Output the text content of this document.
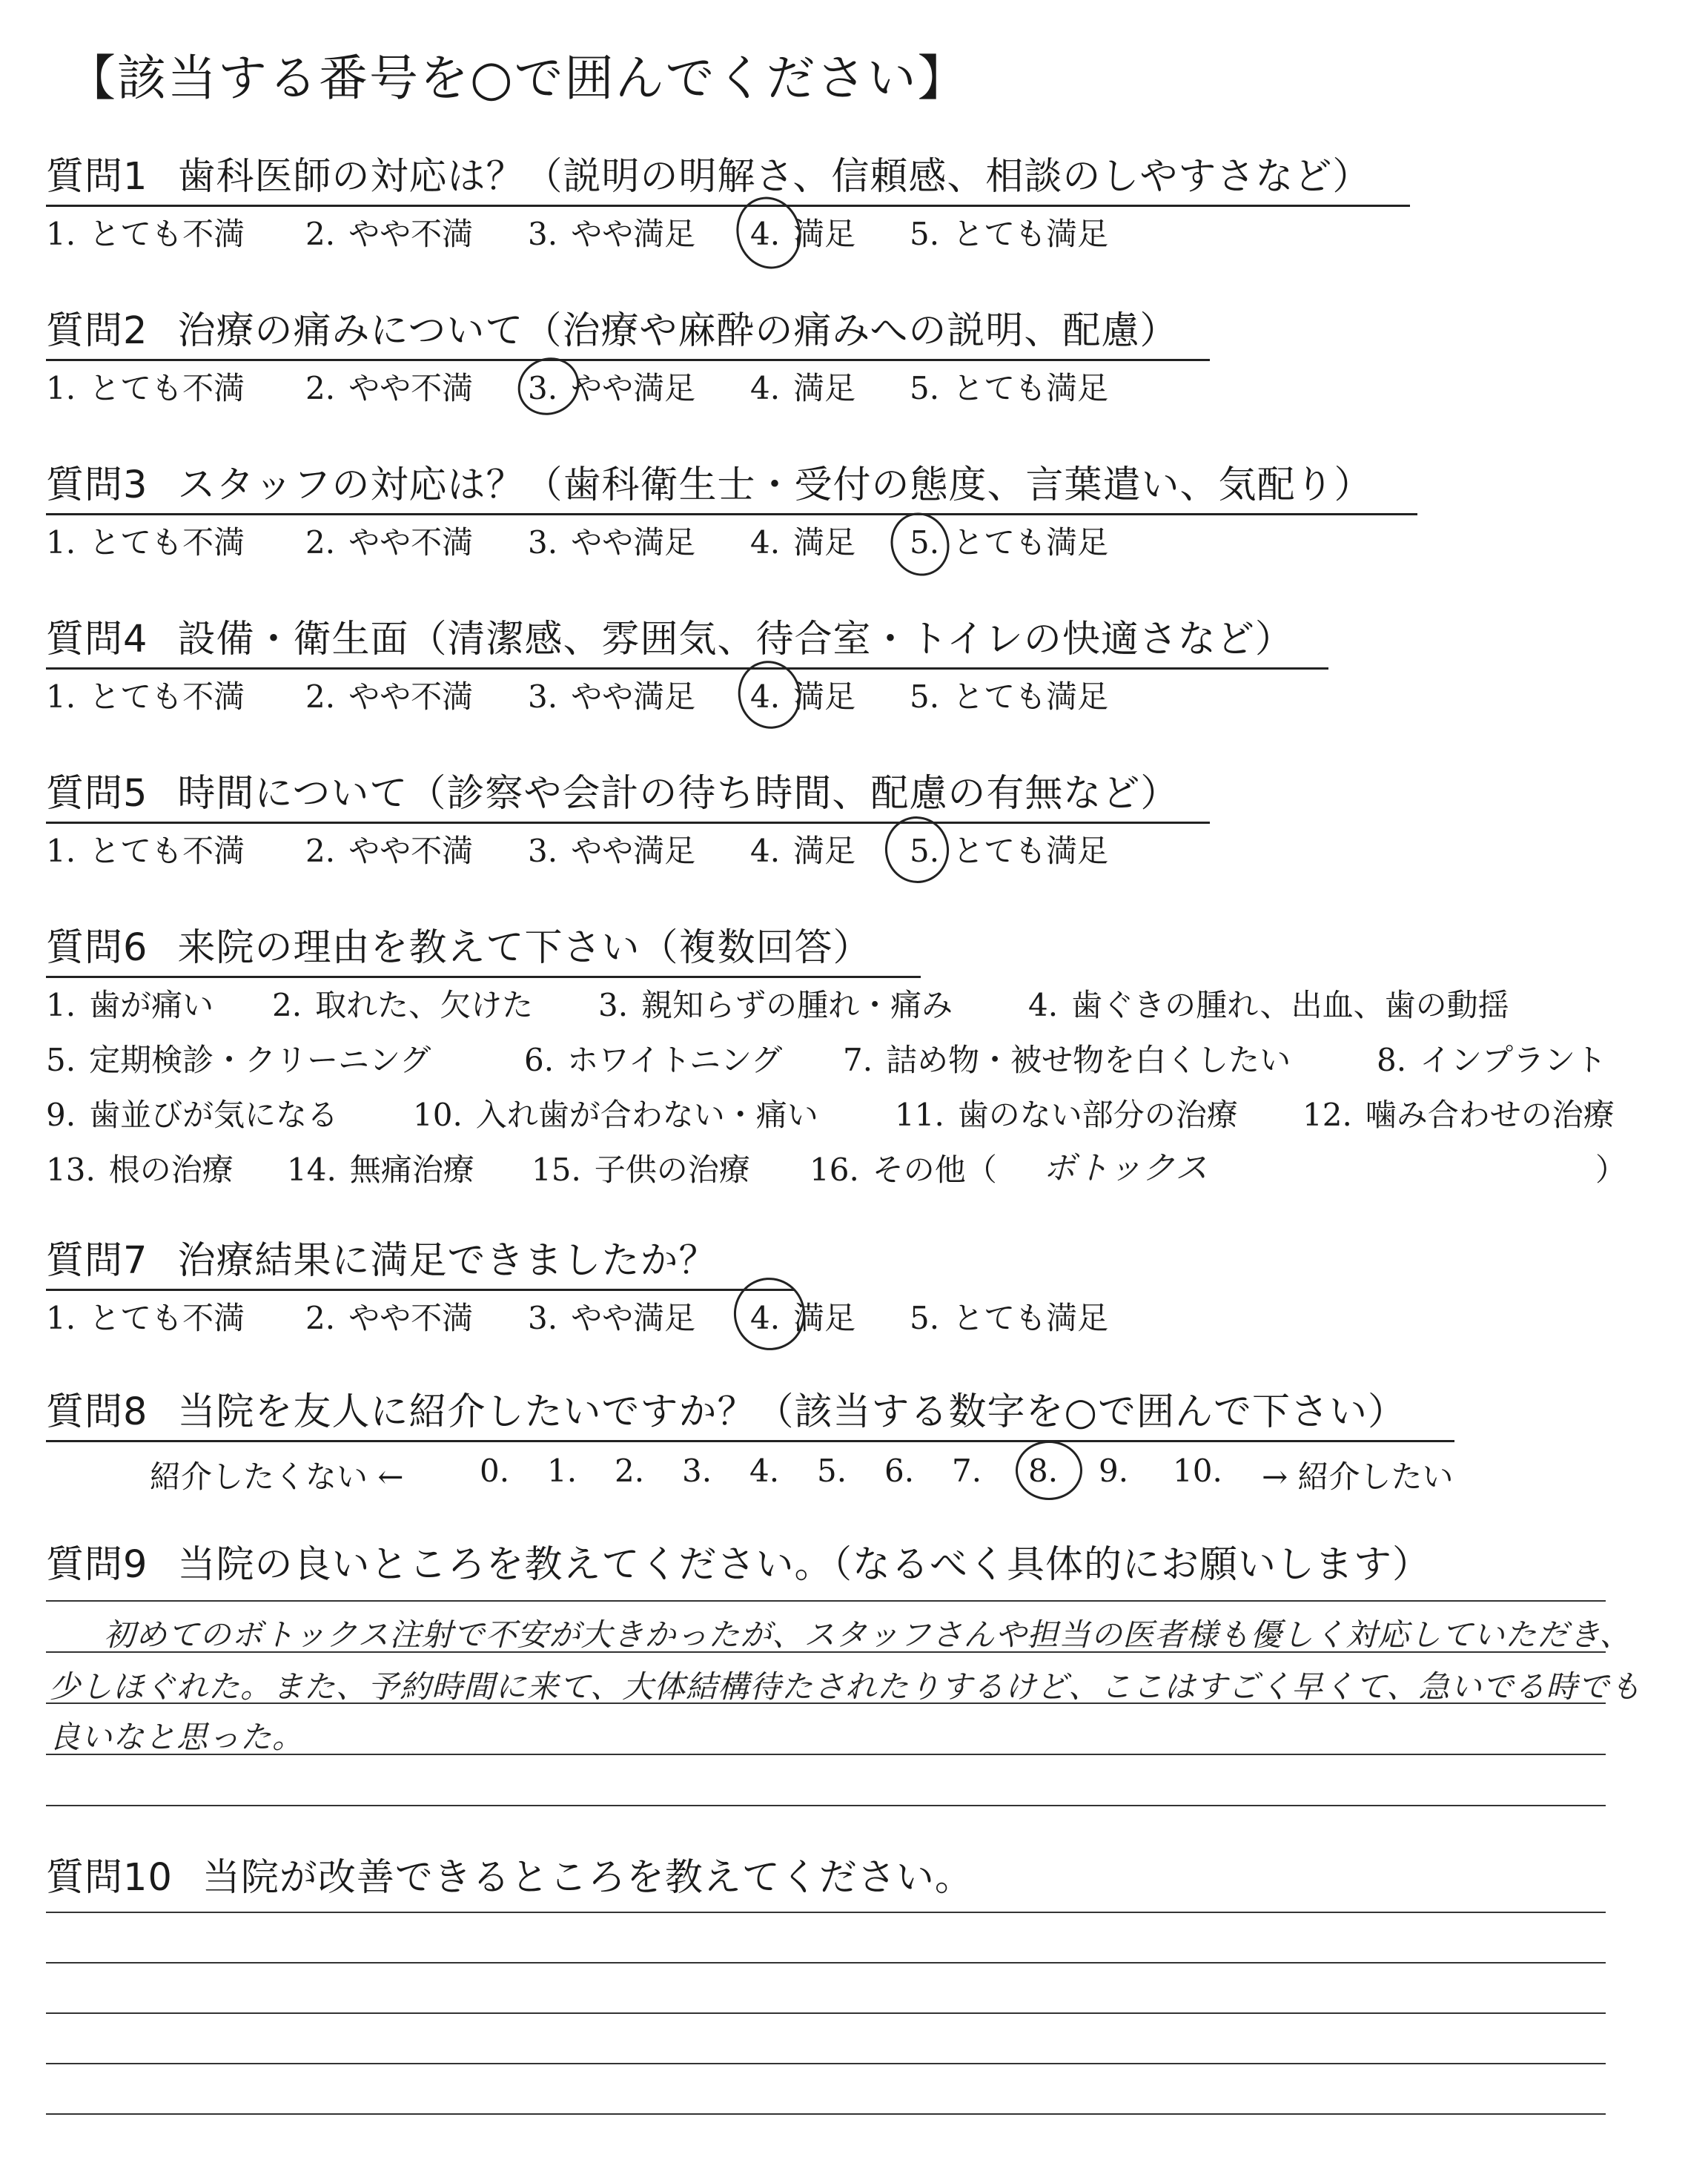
【該当する番号を○で囲んでください】
質問1 歯科医師の対応は？（説明の明解さ、信頼感、相談のしやすさなど）
1. とても不満 2. やや不満 3. やや満足 4. 満足 5. とても満足
質問2 治療の痛みについて（治療や麻酔の痛みへの説明、配慮）
1. とても不満 2. やや不満 3. やや満足 4. 満足 5. とても満足
質問3 スタッフの対応は？（歯科衛生士・受付の態度、言葉遣い、気配り）
1. とても不満 2. やや不満 3. やや満足 4. 満足 5. とても満足
質問4 設備・衛生面（清潔感、雰囲気、待合室・トイレの快適さなど）
1. とても不満 2. やや不満 3. やや満足 4. 満足 5. とても満足
質問5 時間について（診察や会計の待ち時間、配慮の有無など）
1. とても不満 2. やや不満 3. やや満足 4. 満足 5. とても満足
質問6 来院の理由を教えて下さい（複数回答）
1. 歯が痛い 2. 取れた、欠けた 3. 親知らずの腫れ・痛み 4. 歯ぐきの腫れ、出血、歯の動揺
5. 定期検診・クリーニング	6. ホワイトニング 7. 詰め物・被せ物を白くしたい	8. インプラント
9. 歯並びが気になる 10. 入れ歯が合わない・痛い 11. 歯のない部分の治療 12. 噛み合わせの治療
13. 根の治療 14. 無痛治療 15. 子供の治療 16. その他（ ボトックス	）
質問7 治療結果に満足できましたか？
1. とても不満 2. やや不満 3. やや満足 4. 満足 5. とても満足
質問8 当院を友人に紹介したいですか？（該当する数字を○で囲んで下さい）
紹介したくない ← 0. 1. 2. 3. 4. 5. 6. 7. 8. 9. 10. → 紹介したい
質問9 当院の良いところを教えてください。（なるべく具体的にお願いします）
初めてのボトックス注射で不安が大きかったが、スタッフさんや担当の医者様も優しく対応していただき、
少しほぐれた。また、予約時間に来て、大体結構待たされたりするけど、ここはすごく早くて、急いでる時でも
良いなと思った。
質問10 当院が改善できるところを教えてください。
